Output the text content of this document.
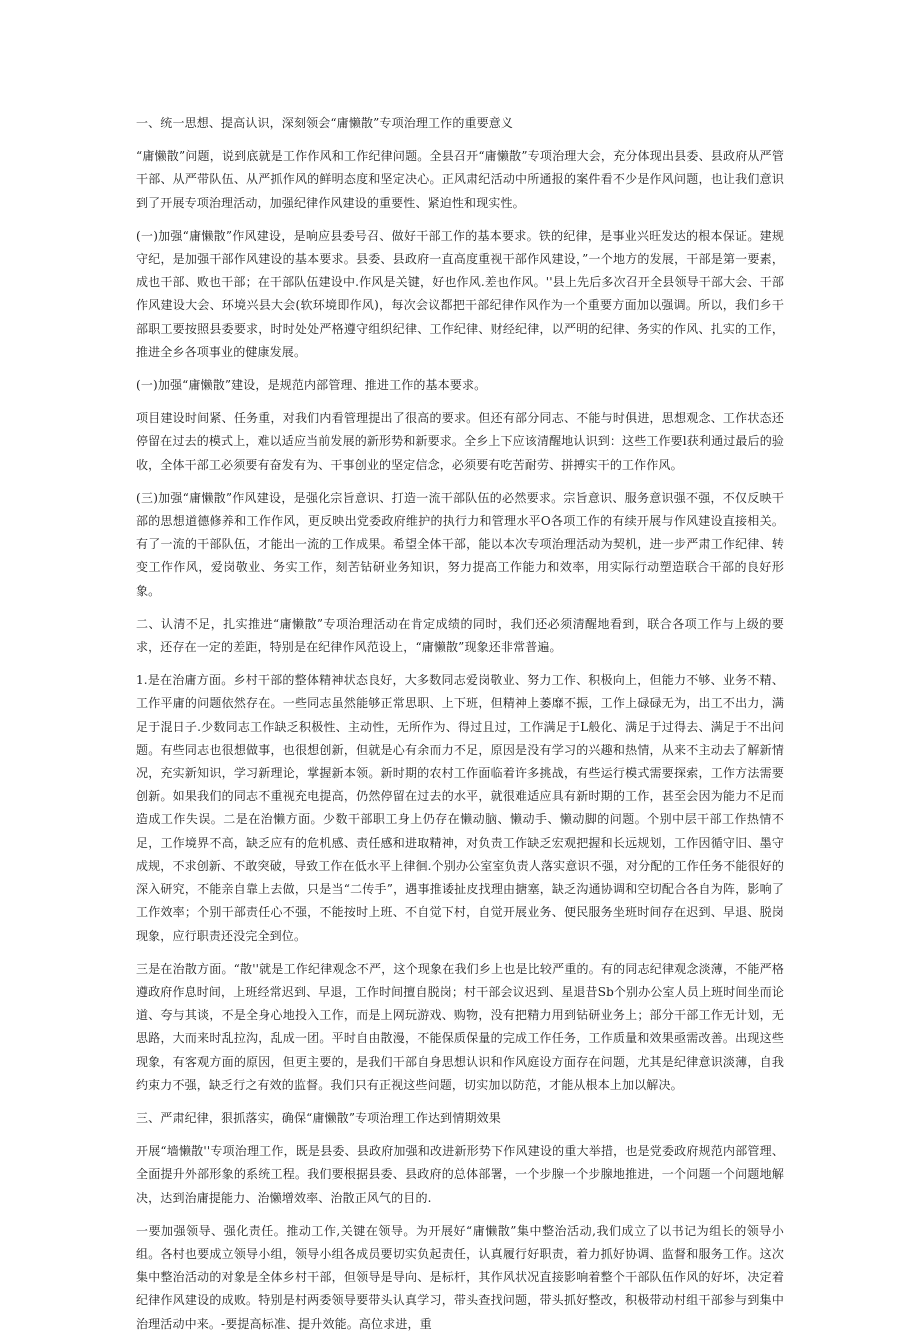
一、统一思想、提高认识，深刻领会“庸懒散”专项治理工作的重要意义

“庸懒散”问题，说到底就是工作作风和工作纪律问题。全县召开“庸懒散”专项治理大会，充分体现出县委、县政府从严管干部、从严带队伍、从严抓作风的鲜明态度和坚定决心。正风肃纪活动中所通报的案件看不少是作风问题，也让我们意识到了开展专项治理活动，加强纪律作风建设的重要性、紧迫性和现实性。

(一)加强“庸懒散”作风建设，是响应县委号召、做好干部工作的基本要求。铁的纪律，是事业兴旺发达的根本保证。建规守纪，是加强干部作风建设的基本要求。县委、县政府一直高度重视干部作风建设，”一个地方的发展，干部是第一要素，成也干部、败也干部；在干部队伍建设中.作风是关键，好也作风.差也作风。''县上先后多次召开全县领导干部大会、干部作风建设大会、环境兴县大会(软环境即作风)，每次会议都把干部纪律作风作为一个重要方面加以强调。所以，我们乡干部职工要按照县委要求，时时处处严格遵守组织纪律、工作纪律、财经纪律，以严明的纪律、务实的作风、扎实的工作，推进全乡各项事业的健康发展。

(一)加强“庸懒散”建设，是规范内部管理、推进工作的基本要求。

项目建设时间紧、任务重，对我们内看管理提出了很高的要求。但还有部分同志、不能与时俱进，思想观念、工作状态还停留在过去的模式上，难以适应当前发展的新形势和新要求。全乡上下应该清醒地认识到：这些工作要l获利通过最后的验收，全体干部工必须要有奋发有为、干事创业的坚定信念，必须要有吃苦耐劳、拼搏实干的工作作风。

(三)加强“庸懒散”作风建设，是强化宗旨意识、打造一流干部队伍的必然要求。宗旨意识、服务意识强不强，不仅反映干部的思想道德修养和工作作风，更反映出党委政府维护的执行力和管理水平O各项工作的有续开展与作风建设直接相关。有了一流的干部队伍，才能出一流的工作成果。希望全体干部，能以本次专项治理活动为契机，进一步严肃工作纪律、转变工作作风，爱岗敬业、务实工作，刻苦钻研业务知识，努力提高工作能力和效率，用实际行动塑造联合干部的良好形象。

二、认清不足，扎实推进“庸懒散”专项治理活动在肯定成绩的同时，我们还必须清醒地看到，联合各项工作与上级的要求，还存在一定的差距，特别是在纪律作风范设上，“庸懒散”现象还非常普遍。

1.是在治庸方面。乡村干部的整体精神状态良好，大多数同志爱岗敬业、努力工作、积极向上，但能力不够、业务不精、工作平庸的问题依然存在。一些同志虽然能够正常思职、上下班，但精神上萎靡不振，工作上碌碌无为，出工不出力，满足于混日子.少数同志工作缺乏积极性、主动性，无所作为、得过且过，工作满足于L般化、满足于过得去、满足于不出问题。有些同志也很想做事，也很想创新，但就是心有余而力不足，原因是没有学习的兴趣和热情，从来不主动去了解新情况，充实新知识，学习新理论，掌握新本领。新时期的农村工作面临着许多挑战，有些运行模式需要探索，工作方法需要创新。如果我们的同志不重视充电提高，仍然停留在过去的水平，就很难适应具有新时期的工作，甚至会因为能力不足而造成工作失误。二是在治懒方面。少数干部职工身上仍存在懒动脑、懒动手、懒动脚的问题。个别中层干部工作热情不足，工作境界不高，缺乏应有的危机感、责任感和进取精神，对负责工作缺乏宏观把握和长远规划，工作因循守旧、墨守成规，不求创新、不敢突破，导致工作在低水平上律徊.个别办公室室负责人落实意识不强，对分配的工作任务不能很好的深入研究，不能亲自靠上去做，只是当“二传手”，遇事推诿扯皮找理由搪塞，缺乏沟通协调和空切配合各自为阵，影响了工作效率；个别干部责任心不强，不能按时上班、不自觉下村，自觉开展业务、便民服务坐班时间存在迟到、早退、脱岗现象，应行职责还没完全到位。

三是在治散方面。“散''就是工作纪律观念不严，这个现象在我们乡上也是比较严重的。有的同志纪律观念淡薄，不能严格遵政府作息时间，上班经常迟到、早退，工作时间擅自脱岗；村干部会议迟到、星退昔Sb个别办公室人员上班时间坐而论道、夸与其谈，不是全身心地投入工作，而是上网玩游戏、购物，没有把精力用到钻研业务上；部分干部工作无计划，无思路，大而来时乱拉沟，乱成一团。平时自由散漫，不能保质保量的完成工作任务，工作质量和效果亟需改善。出现这些现象，有客观方面的原因，但更主要的，是我们干部自身思想认识和作风庭设方面存在问题，尤其是纪律意识淡薄，自我约束力不强，缺乏行之有效的监督。我们只有正视这些问题，切实加以防范，才能从根本上加以解决。

三、严肃纪律，狠抓落实，确保“庸懒散”专项治理工作达到情期效果

开展“墙懒散''专项治理工作，既是县委、县政府加强和改进新形势下作风建设的重大举措，也是党委政府规范内部管理、全面提升外部形象的系统工程。我们要根据县委、县政府的总体部署，一个步腺一个步腺地推进，一个问题一个问题地解决，达到治庸提能力、治懒增效率、治散正风气的目的.

一要加强领导、强化责任。推动工作,关键在领导。为开展好“庸懒散”集中整治活动,我们成立了以书记为组长的领导小组。各村也要成立领导小组，领导小组各成员要切实负起责任，认真履行好职责，着力抓好协调、监督和服务工作。这次集中整治活动的对象是全体乡村干部，但领导是导向、是标杆，其作风状况直接影响着整个干部队伍作风的好坏，决定着纪律作风建设的成败。特别是村两委领导要带头认真学习，带头查找问题，带头抓好整改，积极带动村组干部参与到集中治理活动中来。-要提高标准、提升效能。高位求进，重
